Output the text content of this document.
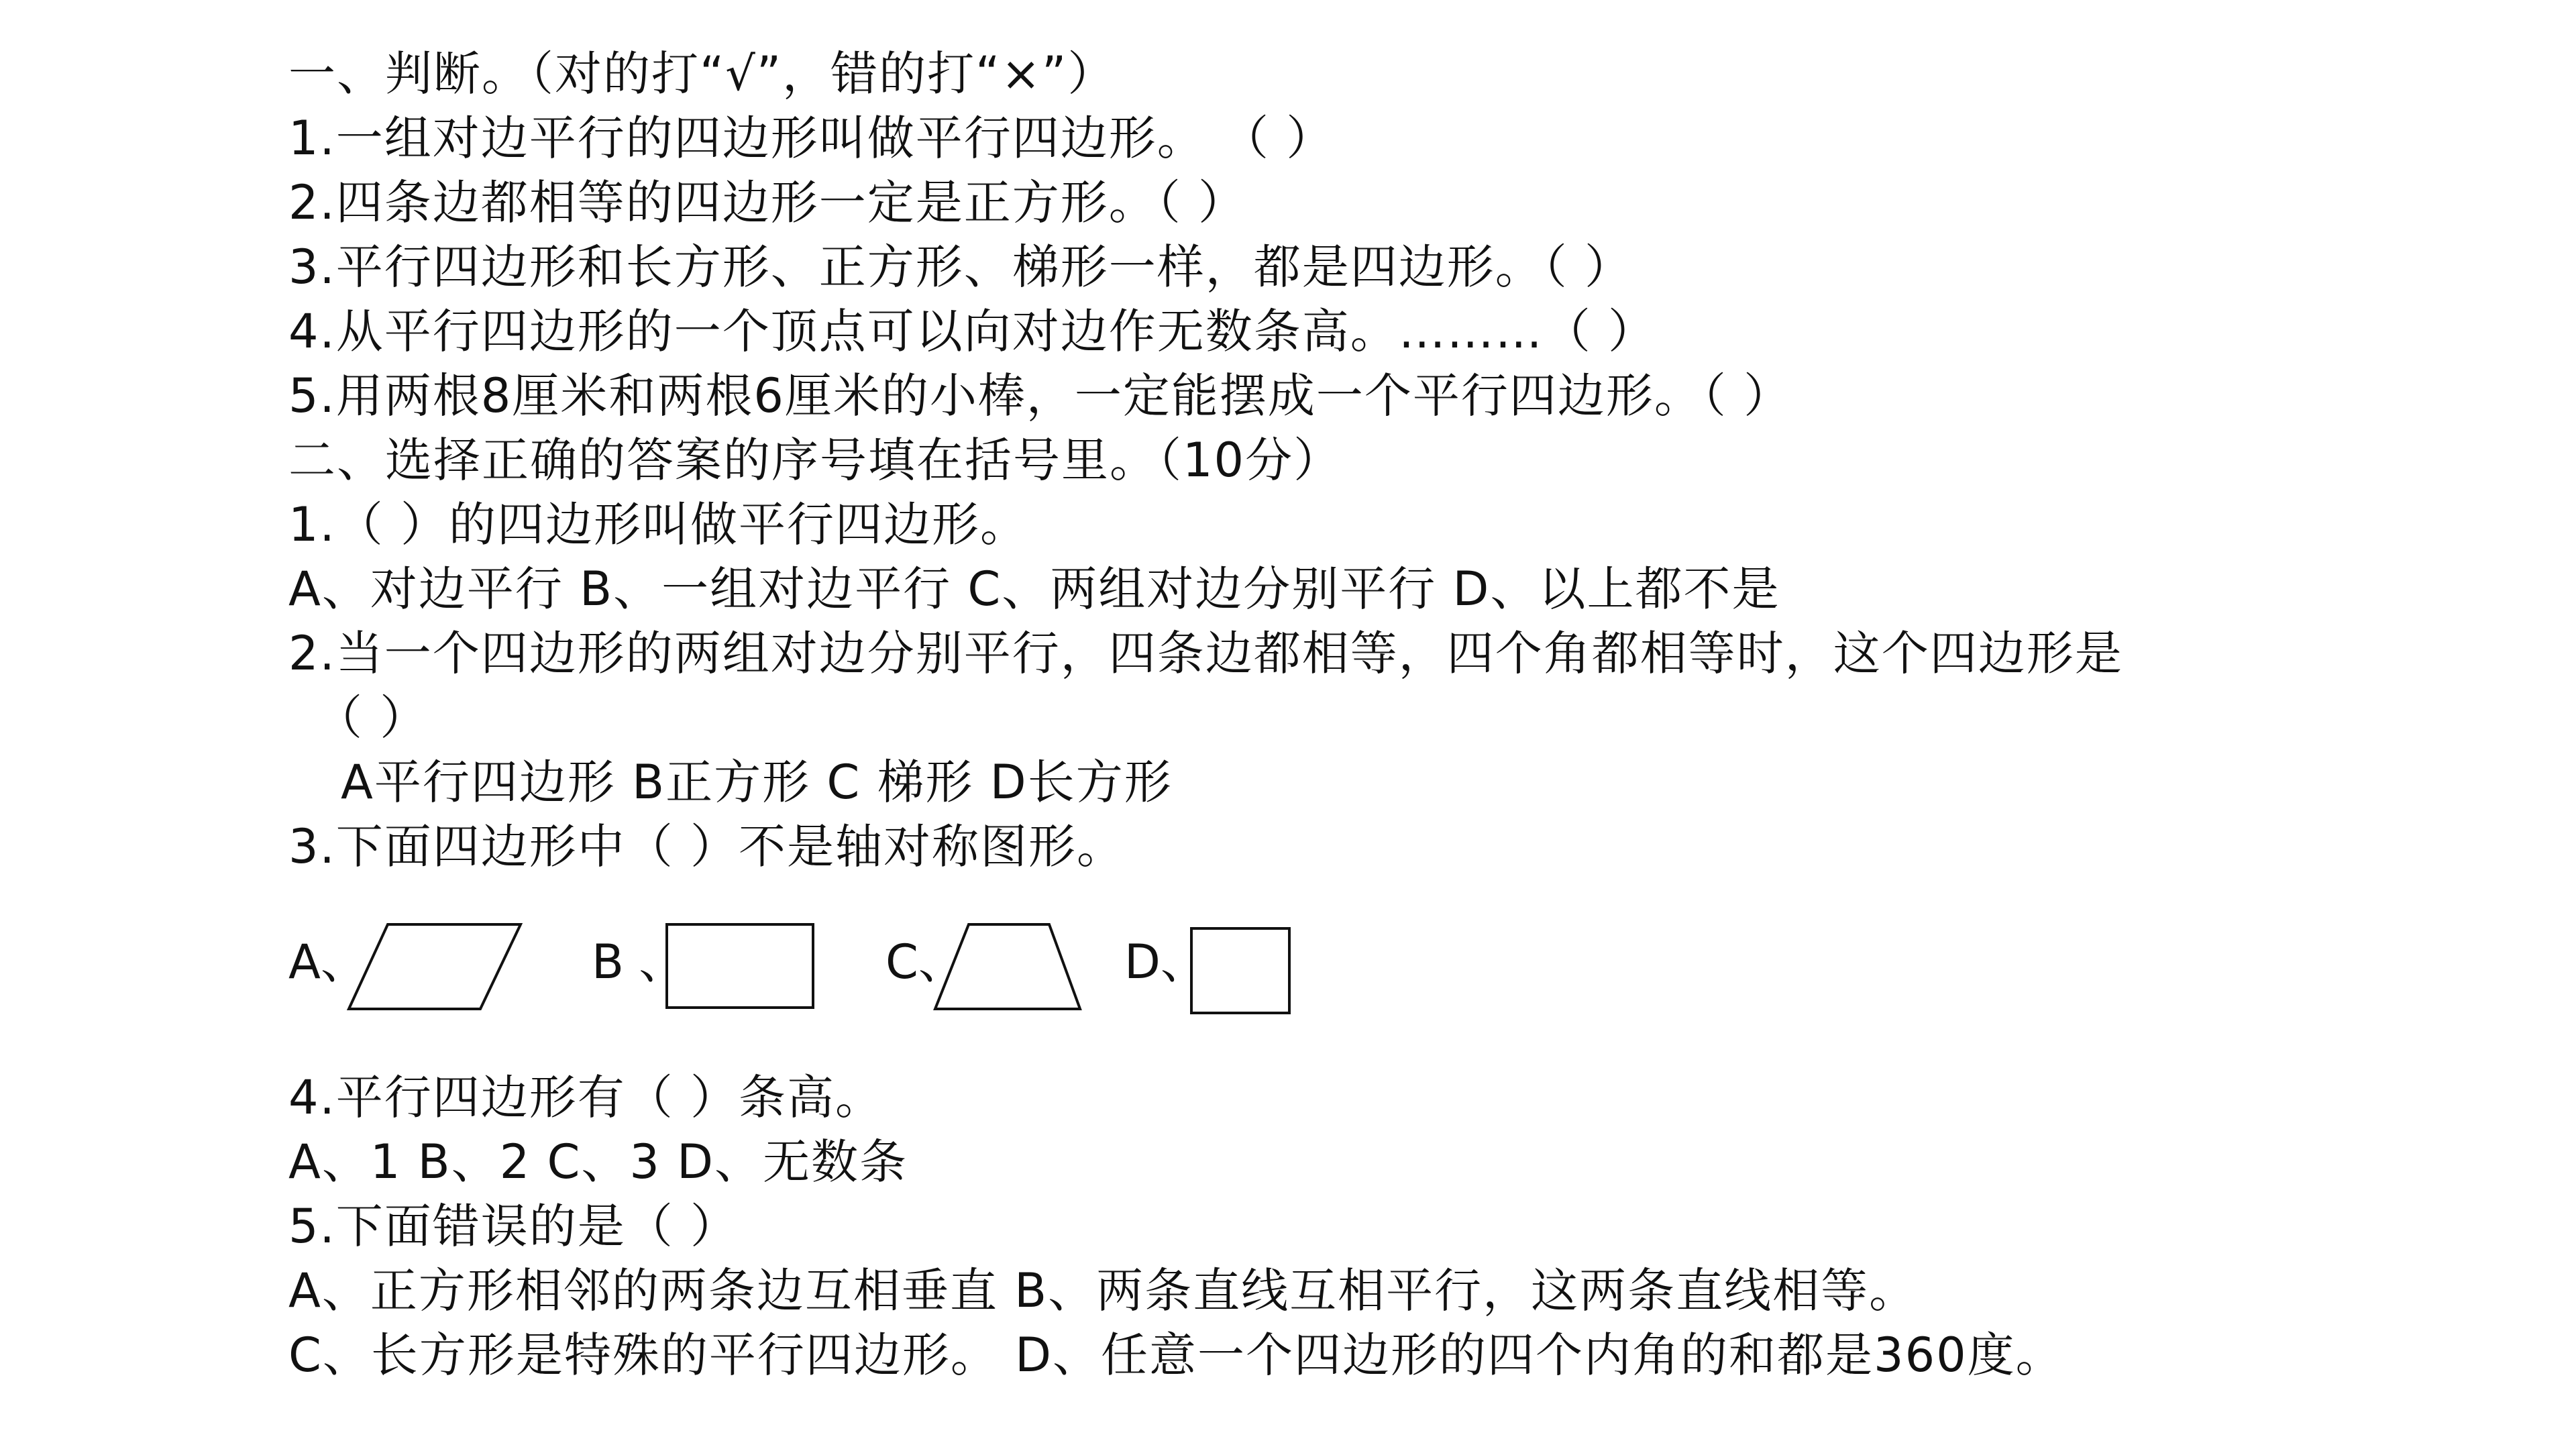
一、判断。（对的打“√”，错的打“×”）
1.一组对边平行的四边形叫做平行四边形。 （ ）
2.四条边都相等的四边形一定是正方形。（ ）
3.平行四边形和长方形、正方形、梯形一样，都是四边形。（ ）
4.从平行四边形的一个顶点可以向对边作无数条高。………（ ）
5.用两根8厘米和两根6厘米的小棒，一定能摆成一个平行四边形。（ ）
二、选择正确的答案的序号填在括号里。（10分）
1.（ ）的四边形叫做平行四边形。
A、对边平行 B、一组对边平行 C、两组对边分别平行 D、以上都不是
2.当一个四边形的两组对边分别平行，四条边都相等，四个角都相等时，这个四边形是
（ ）
A平行四边形 B正方形 C 梯形 D长方形
3.下面四边形中（ ）不是轴对称图形。
A、	B 、	C、	D、
4.平行四边形有（ ）条高。
A、1 B、2 C、3 D、无数条
5.下面错误的是（ ）
A、正方形相邻的两条边互相垂直 B、两条直线互相平行，这两条直线相等。
C、长方形是特殊的平行四边形。 D、任意一个四边形的四个内角的和都是360度。
